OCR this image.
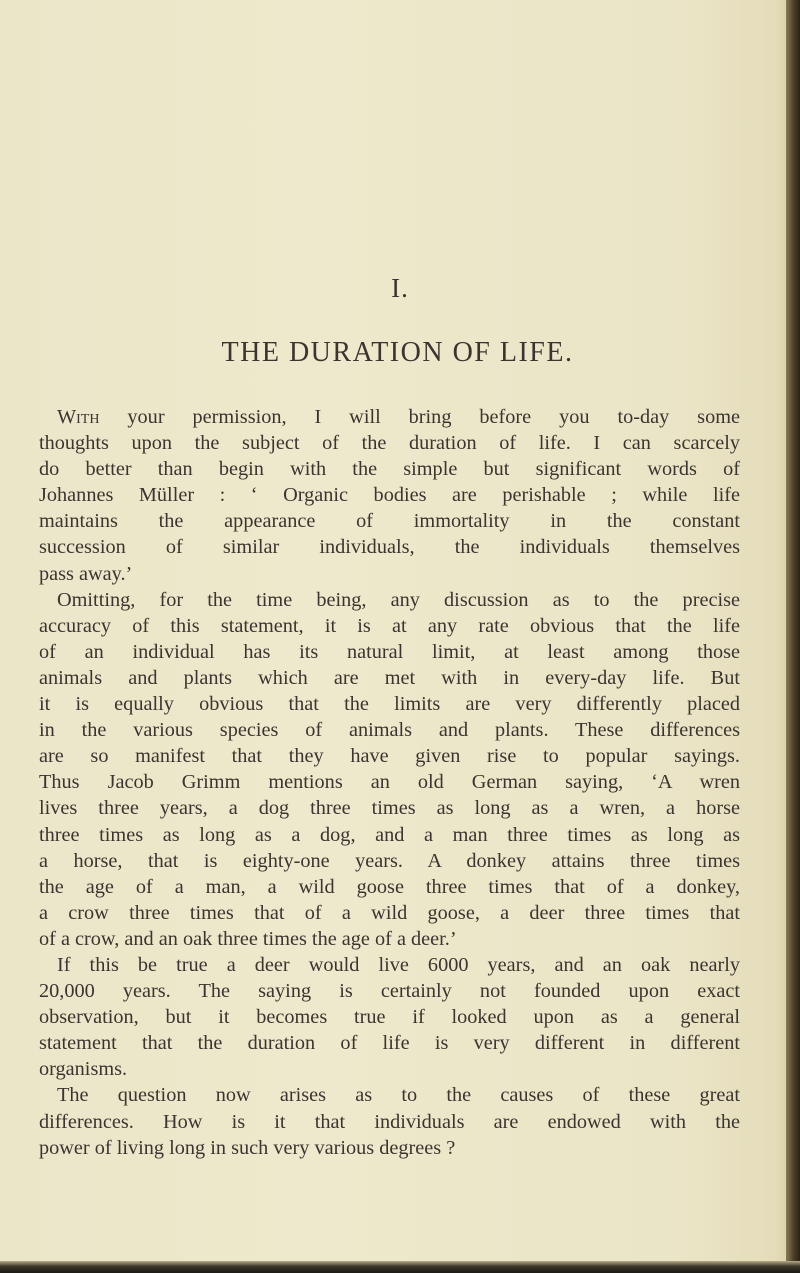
I.
THE DURATION OF LIFE.
With your permission, I will bring before you to-day some
thoughts upon the subject of the duration of life. I can scarcely
do better than begin with the simple but significant words of
Johannes Müller : ‘ Organic bodies are perishable ; while life
maintains the appearance of immortality in the constant
succession of similar individuals, the individuals themselves
pass away.’
Omitting, for the time being, any discussion as to the precise
accuracy of this statement, it is at any rate obvious that the life
of an individual has its natural limit, at least among those
animals and plants which are met with in every-day life. But
it is equally obvious that the limits are very differently placed
in the various species of animals and plants. These differences
are so manifest that they have given rise to popular sayings.
Thus Jacob Grimm mentions an old German saying, ‘A wren
lives three years, a dog three times as long as a wren, a horse
three times as long as a dog, and a man three times as long as
a horse, that is eighty-one years. A donkey attains three times
the age of a man, a wild goose three times that of a donkey,
a crow three times that of a wild goose, a deer three times that
of a crow, and an oak three times the age of a deer.’
If this be true a deer would live 6000 years, and an oak nearly
20,000 years. The saying is certainly not founded upon exact
observation, but it becomes true if looked upon as a general
statement that the duration of life is very different in different
organisms.
The question now arises as to the causes of these great
differences. How is it that individuals are endowed with the
power of living long in such very various degrees ?
